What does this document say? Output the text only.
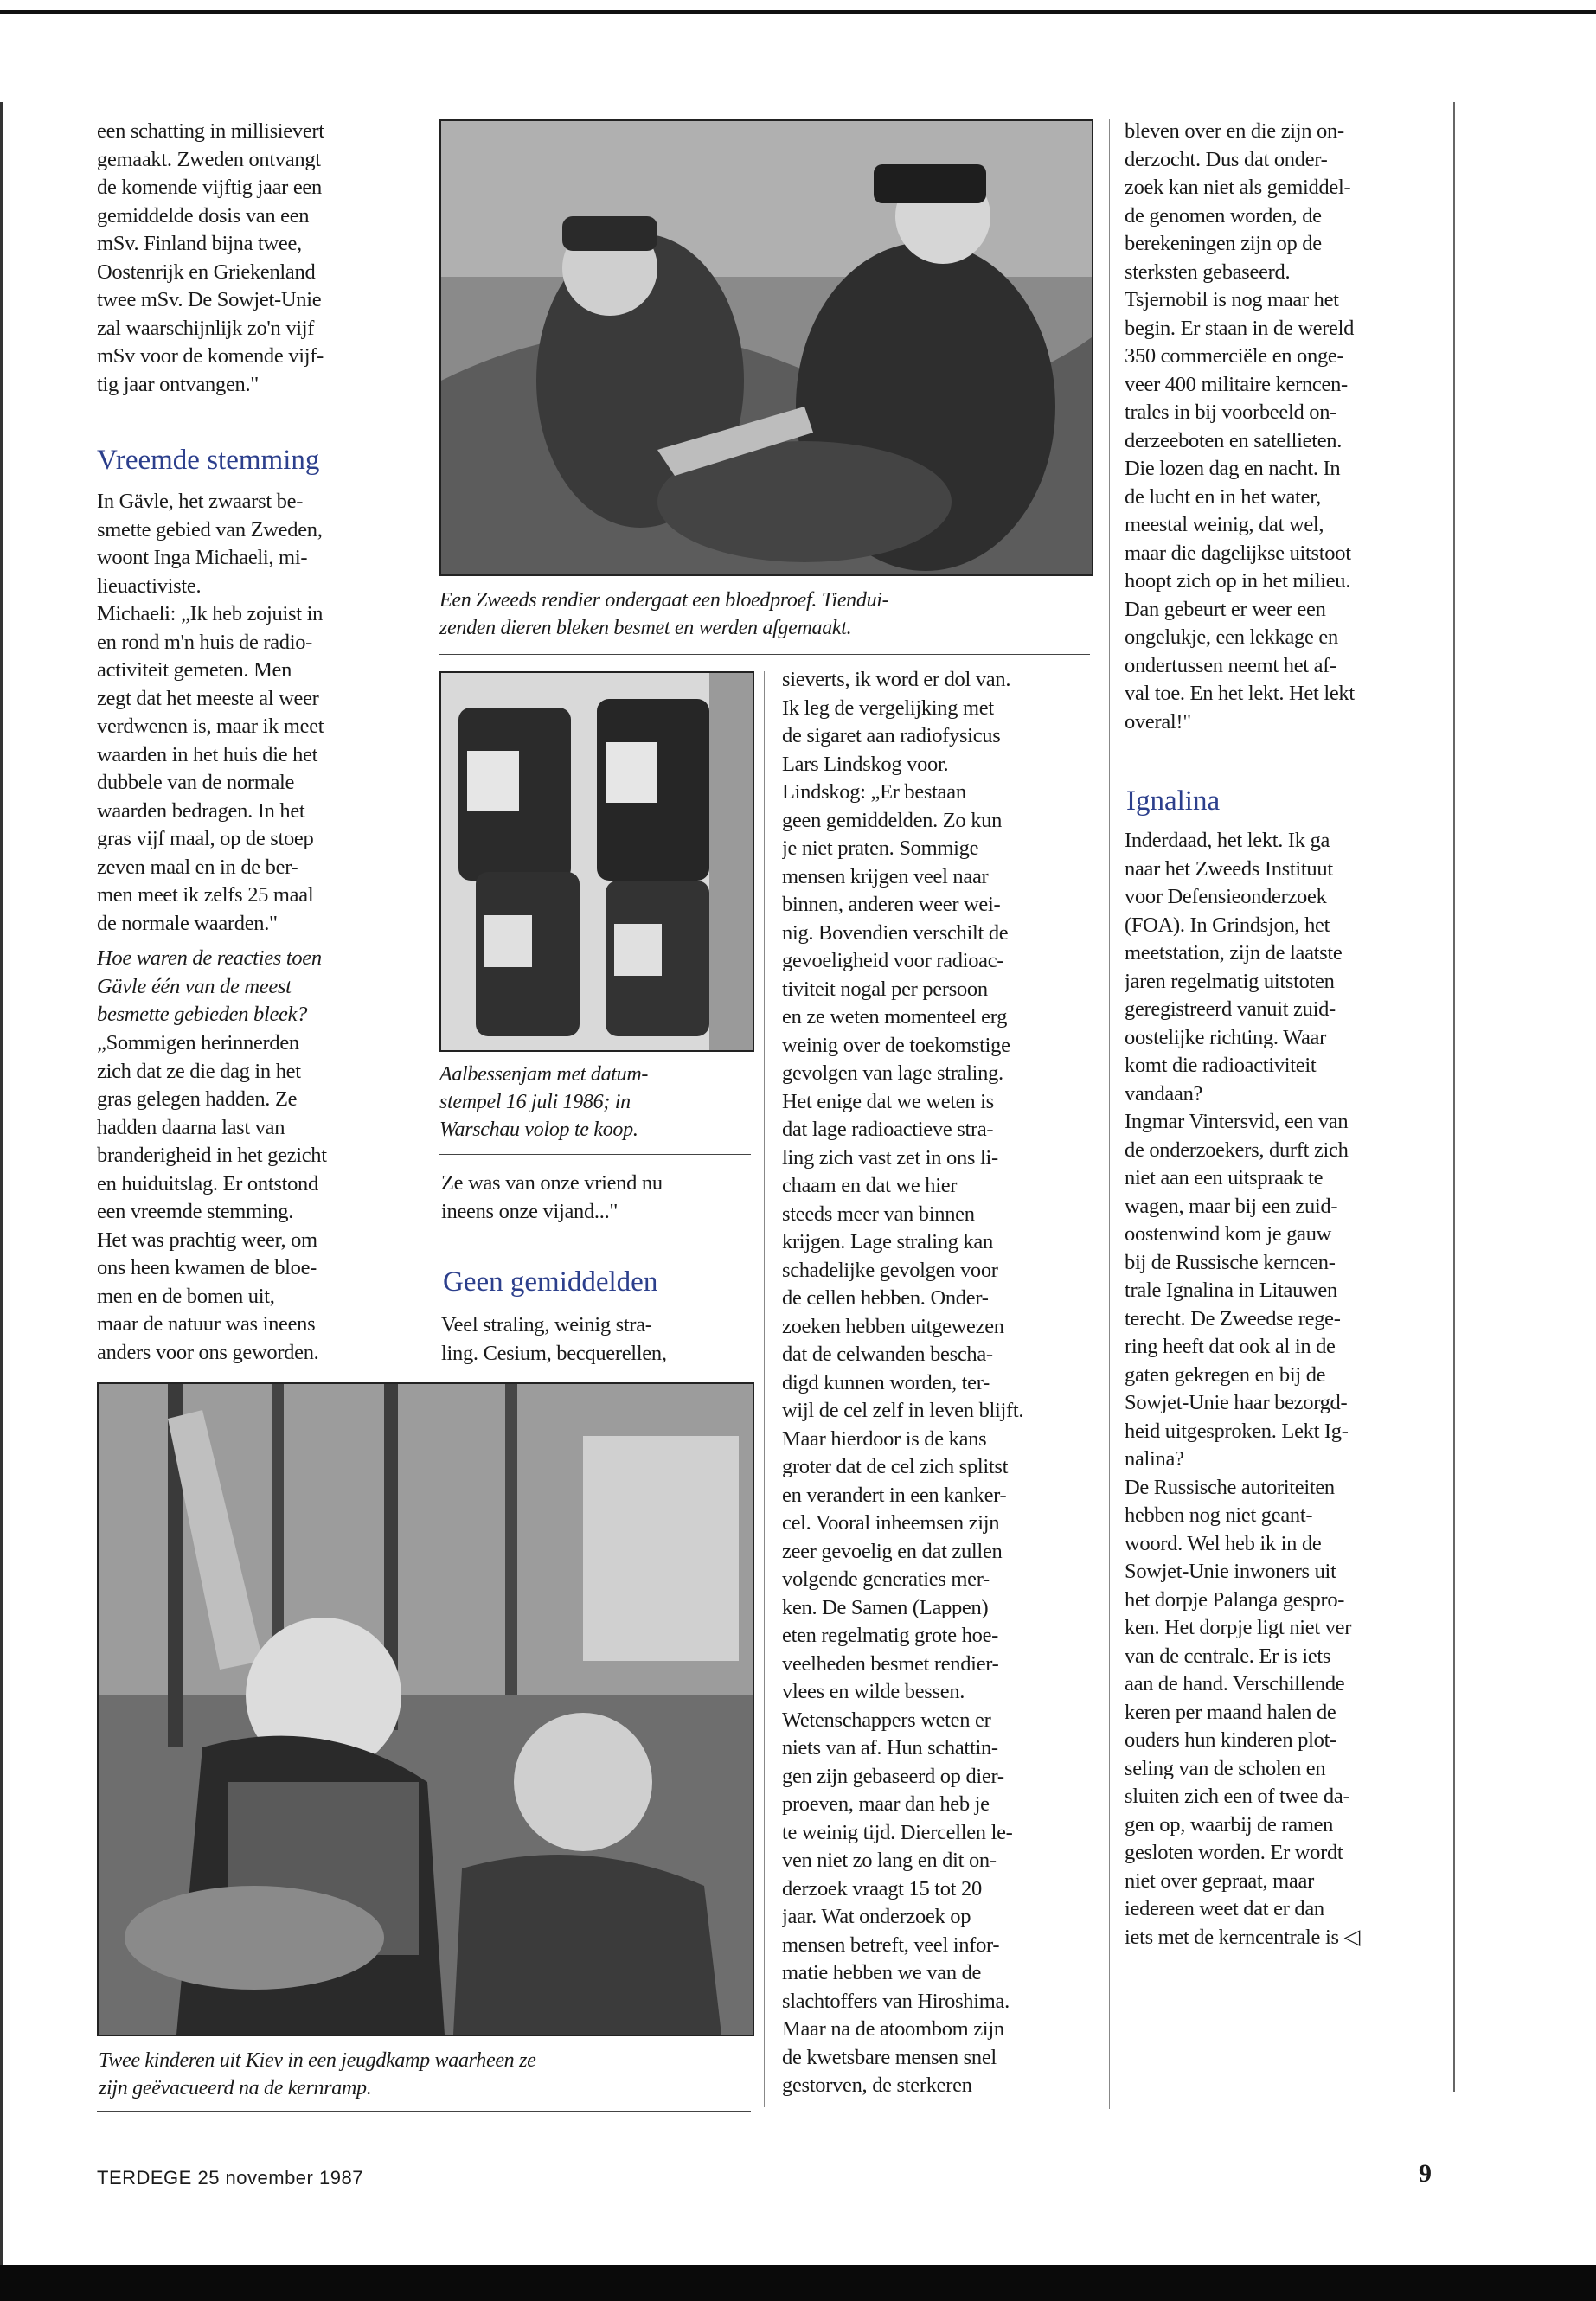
een schatting in millisievert
gemaakt. Zweden ontvangt
de komende vijftig jaar een
gemiddelde dosis van een
mSv. Finland bijna twee,
Oostenrijk en Griekenland
twee mSv. De Sowjet-Unie
zal waarschijnlijk zo'n vijf
mSv voor de komende vijf-
tig jaar ontvangen."
Vreemde stemming
In Gävle, het zwaarst be-
smette gebied van Zweden,
woont Inga Michaeli, mi-
lieuactiviste.
Michaeli: „Ik heb zojuist in
en rond m'n huis de radio-
activiteit gemeten. Men
zegt dat het meeste al weer
verdwenen is, maar ik meet
waarden in het huis die het
dubbele van de normale
waarden bedragen. In het
gras vijf maal, op de stoep
zeven maal en in de ber-
men meet ik zelfs 25 maal
de normale waarden."
Hoe waren de reacties toen
Gävle één van de meest
besmette gebieden bleek?
„Sommigen herinnerden
zich dat ze die dag in het
gras gelegen hadden. Ze
hadden daarna last van
branderigheid in het gezicht
en huiduitslag. Er ontstond
een vreemde stemming.
Het was prachtig weer, om
ons heen kwamen de bloe-
men en de bomen uit,
maar de natuur was ineens
anders voor ons geworden.
Een Zweeds rendier ondergaat een bloedproef. Tiendui-
zenden dieren bleken besmet en werden afgemaakt.
Aalbessenjam met datum-
stempel 16 juli 1986; in
Warschau volop te koop.
Ze was van onze vriend nu
ineens onze vijand..."
Geen gemiddelden
Veel straling, weinig stra-
ling. Cesium, becquerellen,
Twee kinderen uit Kiev in een jeugdkamp waarheen ze
zijn geëvacueerd na de kernramp.
sieverts, ik word er dol van.
Ik leg de vergelijking met
de sigaret aan radiofysicus
Lars Lindskog voor.
Lindskog: „Er bestaan
geen gemiddelden. Zo kun
je niet praten. Sommige
mensen krijgen veel naar
binnen, anderen weer wei-
nig. Bovendien verschilt de
gevoeligheid voor radioac-
tiviteit nogal per persoon
en ze weten momenteel erg
weinig over de toekomstige
gevolgen van lage straling.
Het enige dat we weten is
dat lage radioactieve stra-
ling zich vast zet in ons li-
chaam en dat we hier
steeds meer van binnen
krijgen. Lage straling kan
schadelijke gevolgen voor
de cellen hebben. Onder-
zoeken hebben uitgewezen
dat de celwanden bescha-
digd kunnen worden, ter-
wijl de cel zelf in leven blijft.
Maar hierdoor is de kans
groter dat de cel zich splitst
en verandert in een kanker-
cel. Vooral inheemsen zijn
zeer gevoelig en dat zullen
volgende generaties mer-
ken. De Samen (Lappen)
eten regelmatig grote hoe-
veelheden besmet rendier-
vlees en wilde bessen.
Wetenschappers weten er
niets van af. Hun schattin-
gen zijn gebaseerd op dier-
proeven, maar dan heb je
te weinig tijd. Diercellen le-
ven niet zo lang en dit on-
derzoek vraagt 15 tot 20
jaar. Wat onderzoek op
mensen betreft, veel infor-
matie hebben we van de
slachtoffers van Hiroshima.
Maar na de atoombom zijn
de kwetsbare mensen snel
gestorven, de sterkeren
bleven over en die zijn on-
derzocht. Dus dat onder-
zoek kan niet als gemiddel-
de genomen worden, de
berekeningen zijn op de
sterksten gebaseerd.
Tsjernobil is nog maar het
begin. Er staan in de wereld
350 commerciële en onge-
veer 400 militaire kerncen-
trales in bij voorbeeld on-
derzeeboten en satellieten.
Die lozen dag en nacht. In
de lucht en in het water,
meestal weinig, dat wel,
maar die dagelijkse uitstoot
hoopt zich op in het milieu.
Dan gebeurt er weer een
ongelukje, een lekkage en
ondertussen neemt het af-
val toe. En het lekt. Het lekt
overal!"
Ignalina
Inderdaad, het lekt. Ik ga
naar het Zweeds Instituut
voor Defensieonderzoek
(FOA). In Grindsjon, het
meetstation, zijn de laatste
jaren regelmatig uitstoten
geregistreerd vanuit zuid-
oostelijke richting. Waar
komt die radioactiviteit
vandaan?
Ingmar Vintersvid, een van
de onderzoekers, durft zich
niet aan een uitspraak te
wagen, maar bij een zuid-
oostenwind kom je gauw
bij de Russische kerncen-
trale Ignalina in Litauwen
terecht. De Zweedse rege-
ring heeft dat ook al in de
gaten gekregen en bij de
Sowjet-Unie haar bezorgd-
heid uitgesproken. Lekt Ig-
nalina?
De Russische autoriteiten
hebben nog niet geant-
woord. Wel heb ik in de
Sowjet-Unie inwoners uit
het dorpje Palanga gespro-
ken. Het dorpje ligt niet ver
van de centrale. Er is iets
aan de hand. Verschillende
keren per maand halen de
ouders hun kinderen plot-
seling van de scholen en
sluiten zich een of twee da-
gen op, waarbij de ramen
gesloten worden. Er wordt
niet over gepraat, maar
iedereen weet dat er dan
iets met de kerncentrale is ◁
TERDEGE 25 november 1987	9
